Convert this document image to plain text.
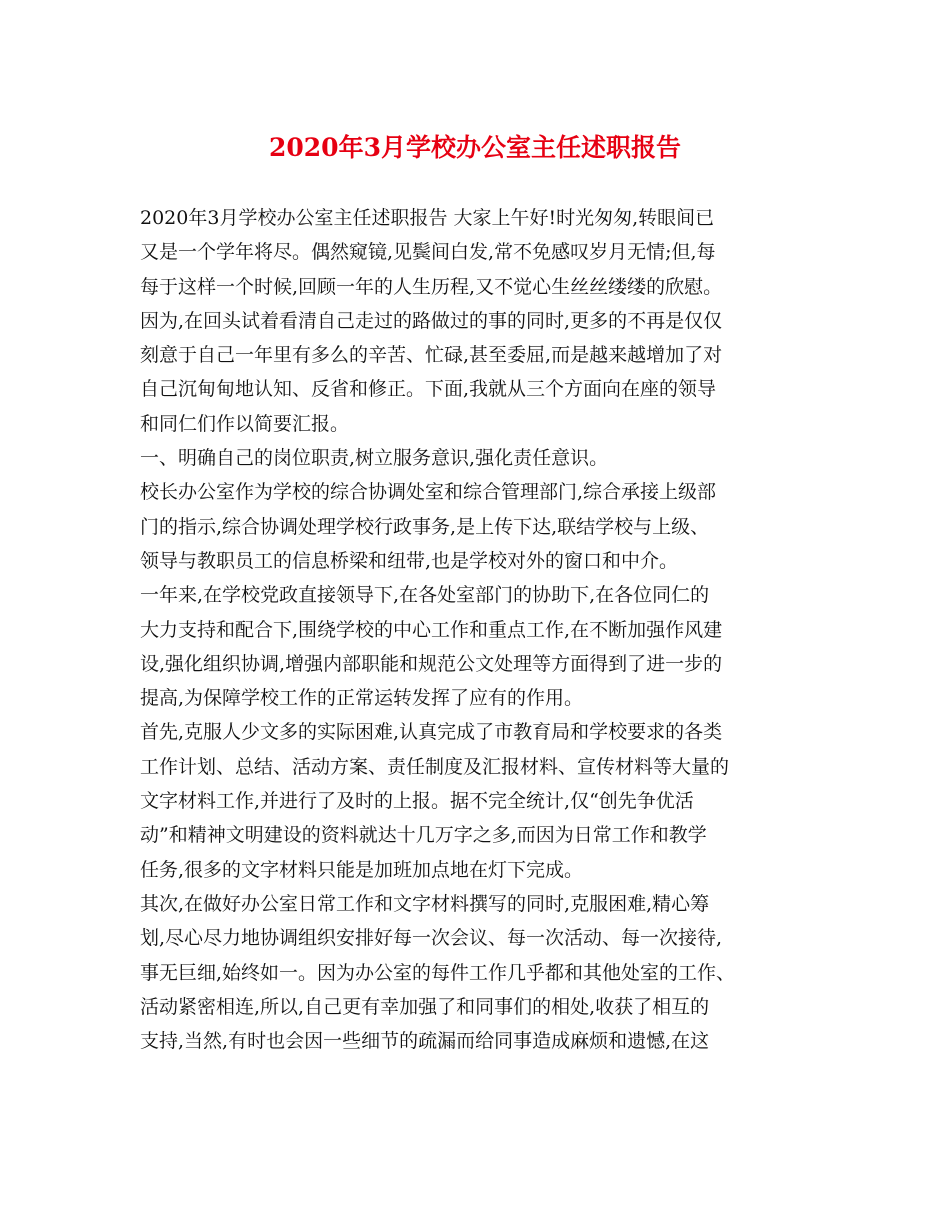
2020年3月学校办公室主任述职报告
2020年3月学校办公室主任述职报告 大家上午好!时光匆匆,转眼间已
又是一个学年将尽。偶然窥镜,见鬓间白发,常不免感叹岁月无情;但,每
每于这样一个时候,回顾一年的人生历程,又不觉心生丝丝缕缕的欣慰。
因为,在回头试着看清自己走过的路做过的事的同时,更多的不再是仅仅
刻意于自己一年里有多么的辛苦、忙碌,甚至委屈,而是越来越增加了对
自己沉甸甸地认知、反省和修正。下面,我就从三个方面向在座的领导
和同仁们作以简要汇报。
一、明确自己的岗位职责,树立服务意识,强化责任意识。
校长办公室作为学校的综合协调处室和综合管理部门,综合承接上级部
门的指示,综合协调处理学校行政事务,是上传下达,联结学校与上级、
领导与教职员工的信息桥梁和纽带,也是学校对外的窗口和中介。
一年来,在学校党政直接领导下,在各处室部门的协助下,在各位同仁的
大力支持和配合下,围绕学校的中心工作和重点工作,在不断加强作风建
设,强化组织协调,增强内部职能和规范公文处理等方面得到了进一步的
提高,为保障学校工作的正常运转发挥了应有的作用。
首先,克服人少文多的实际困难,认真完成了市教育局和学校要求的各类
工作计划、总结、活动方案、责任制度及汇报材料、宣传材料等大量的
文字材料工作,并进行了及时的上报。据不完全统计,仅“创先争优活
动”和精神文明建设的资料就达十几万字之多,而因为日常工作和教学
任务,很多的文字材料只能是加班加点地在灯下完成。
其次,在做好办公室日常工作和文字材料撰写的同时,克服困难,精心筹
划,尽心尽力地协调组织安排好每一次会议、每一次活动、每一次接待,
事无巨细,始终如一。因为办公室的每件工作几乎都和其他处室的工作、
活动紧密相连,所以,自己更有幸加强了和同事们的相处,收获了相互的
支持,当然,有时也会因一些细节的疏漏而给同事造成麻烦和遗憾,在这
